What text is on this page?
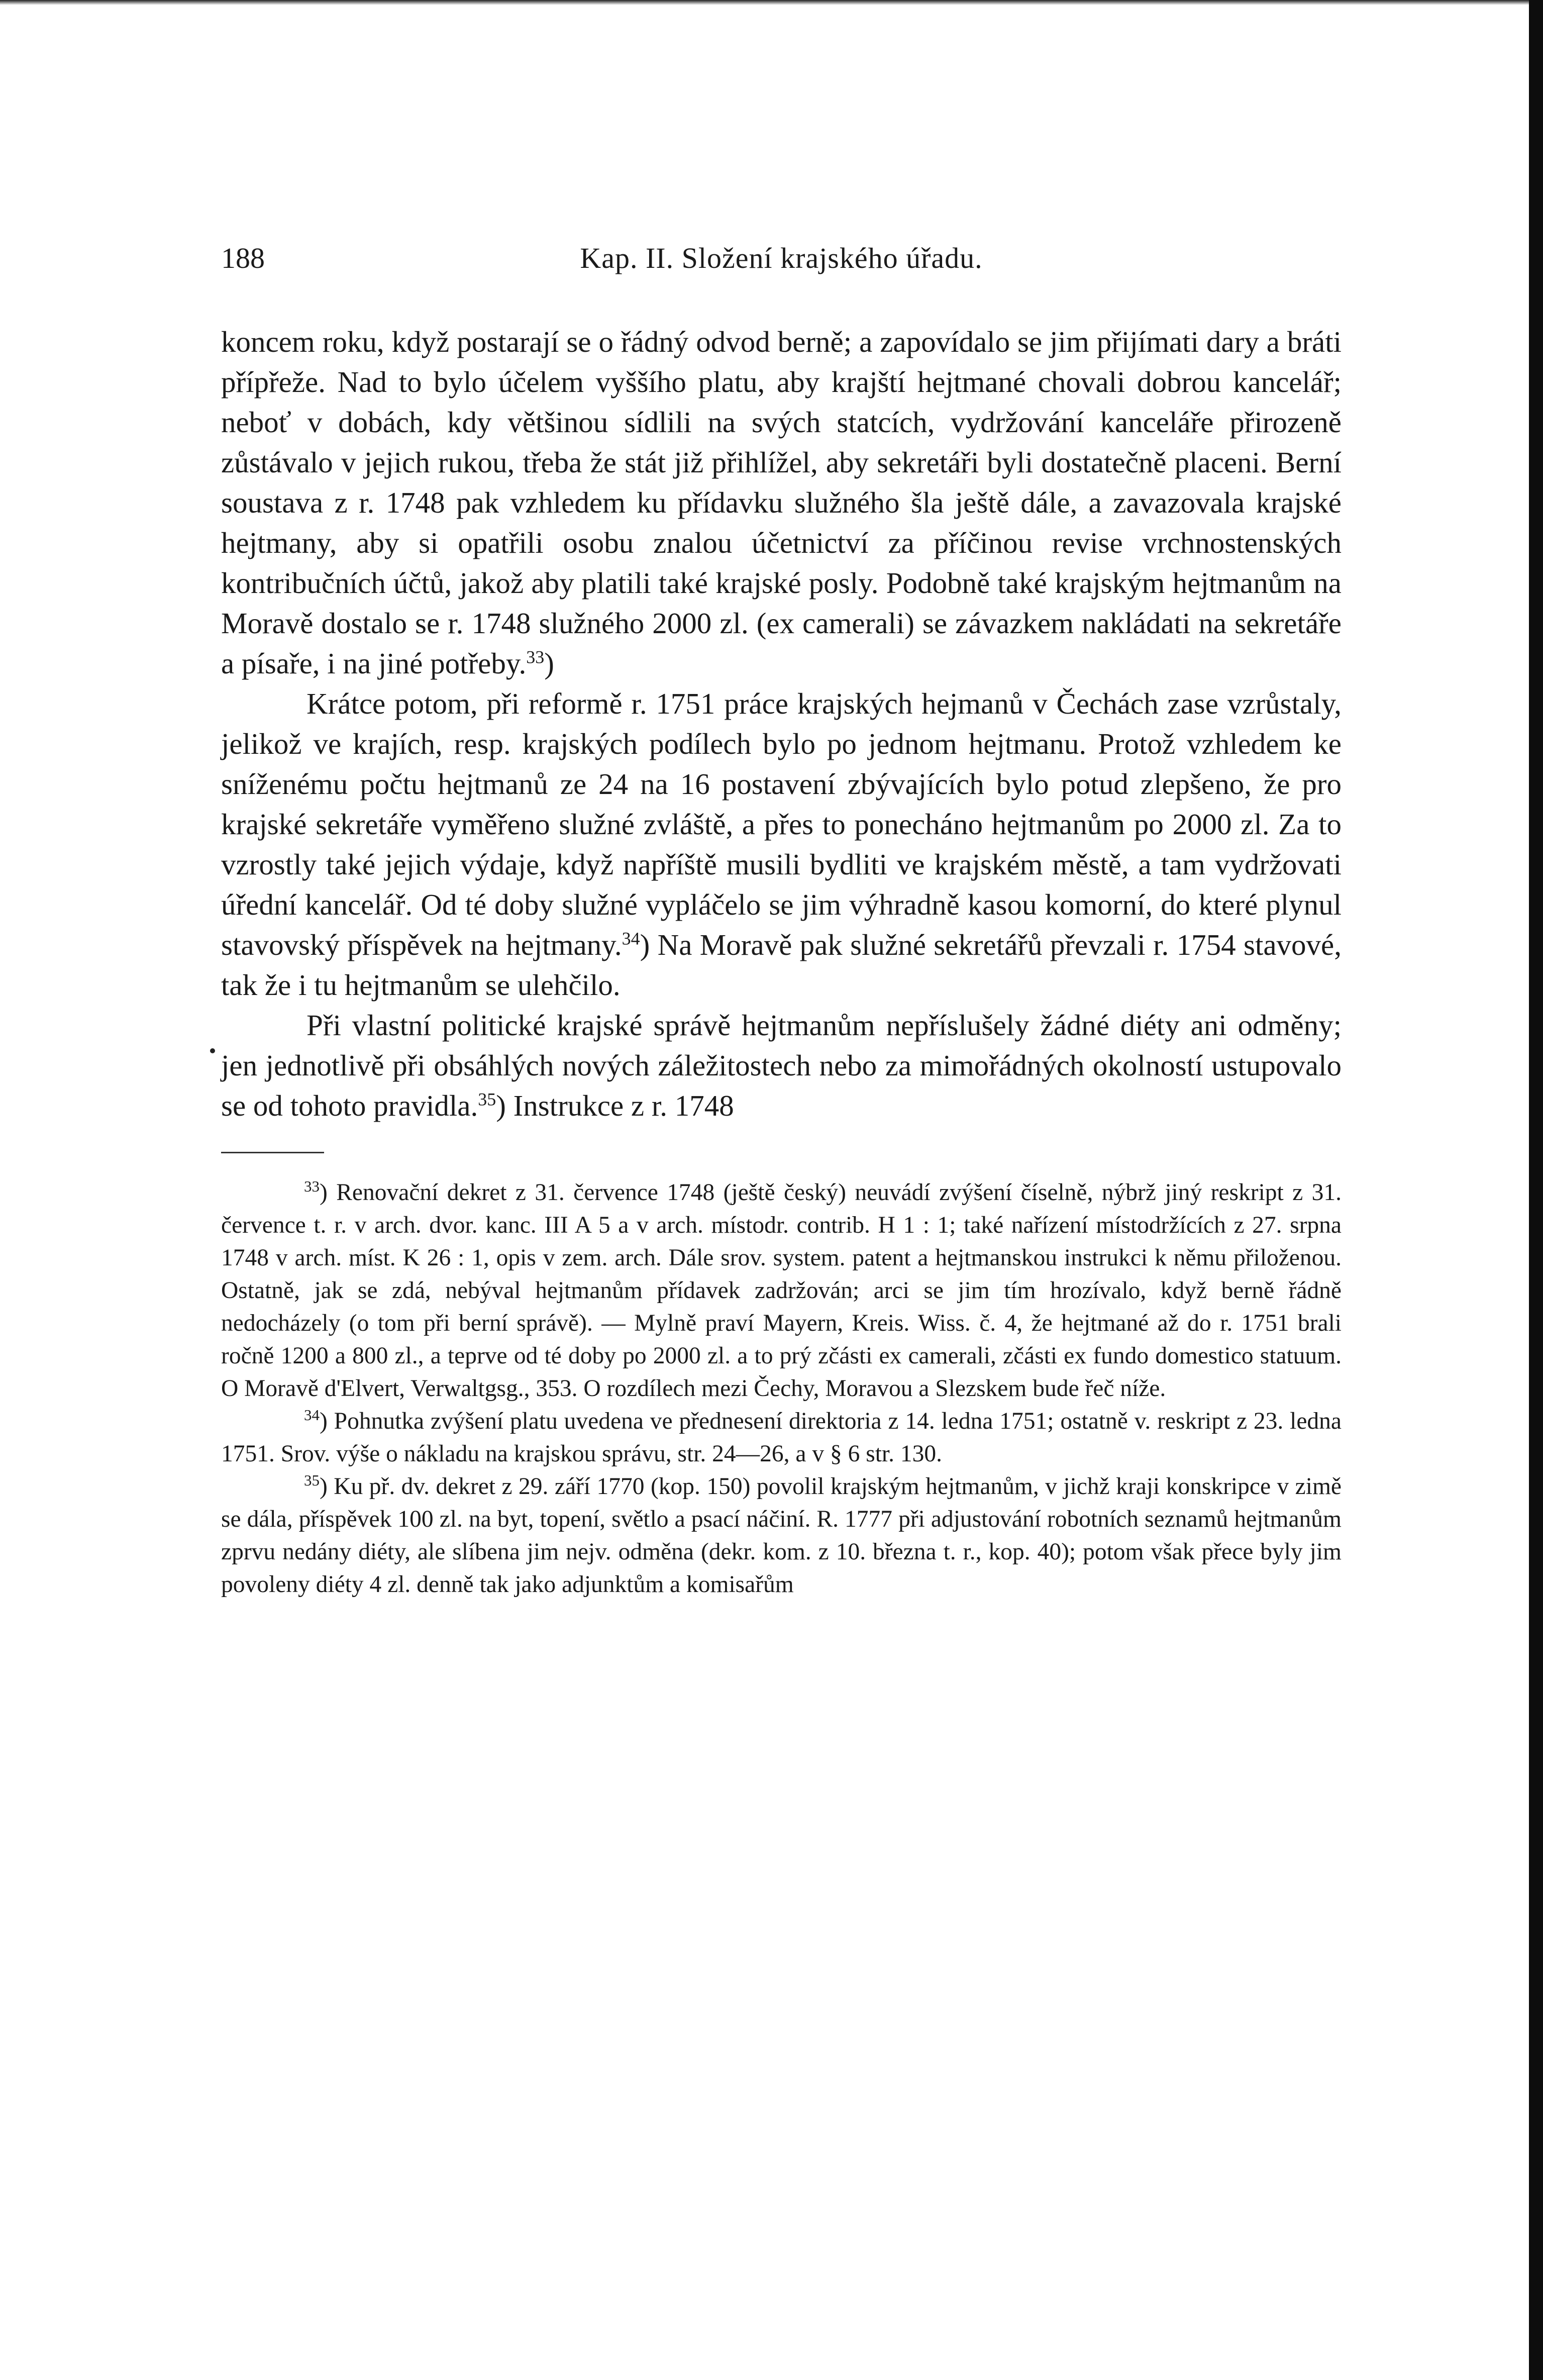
188	Kap. II. Složení krajského úřadu.

koncem roku, když postarají se o řádný odvod berně; a zapovídalo se jim přijímati dary a bráti přípřeže. Nad to bylo účelem vyššího platu, aby krajští hejtmané chovali dobrou kancelář; neboť v dobách, kdy většinou sídlili na svých statcích, vydržování kanceláře přirozeně zůstávalo v jejich rukou, třeba že stát již přihlížel, aby sekretáři byli dostatečně placeni. Berní soustava z r. 1748 pak vzhledem ku přídavku služného šla ještě dále, a zavazovala krajské hejtmany, aby si opatřili osobu znalou účetnictví za příčinou revise vrchnostenských kontribučních účtů, jakož aby platili také krajské posly. Podobně také krajským hejtmanům na Moravě dostalo se r. 1748 služného 2000 zl. (ex camerali) se závazkem nakládati na sekretáře a písaře, i na jiné potřeby.$^{33}$)

Krátce potom, při reformě r. 1751 práce krajských hejmanů v Čechách zase vzrůstaly, jelikož ve krajích, resp. krajských podílech bylo po jednom hejtmanu. Protož vzhledem ke sníženému počtu hejtmanů ze 24 na 16 postavení zbývajících bylo potud zlepšeno, že pro krajské sekretáře vyměřeno služné zvláště, a přes to ponecháno hejtmanům po 2000 zl. Za to vzrostly také jejich výdaje, když napříště musili bydliti ve krajském městě, a tam vydržovati úřední kancelář. Od té doby služné vypláčelo se jim výhradně kasou komorní, do které plynul stavovský příspěvek na hejtmany.$^{34}$) Na Moravě pak služné sekretářů převzali r. 1754 stavové, tak že i tu hejtmanům se ulehčilo.

Při vlastní politické krajské správě hejtmanům nepříslušely žádné diéty ani odměny; jen jednotlivě při obsáhlých nových záležitostech nebo za mimořádných okolností ustupovalo se od tohoto pravidla.$^{35}$) Instrukce z r. 1748

$^{33}$) Renovační dekret z 31. července 1748 (ještě český) neuvádí zvýšení číselně, nýbrž jiný reskript z 31. července t. r. v arch. dvor. kanc. III A 5 a v arch. místodr. contrib. H 1 : 1; také nařízení místodržících z 27. srpna 1748 v arch. míst. K 26 : 1, opis v zem. arch. Dále srov. system. patent a hejtmanskou instrukci k němu přiloženou. Ostatně, jak se zdá, nebýval hejtmanům přídavek zadržován; arci se jim tím hrozívalo, když berně řádně nedocházely (o tom při berní správě). — Mylně praví Mayern, Kreis. Wiss. č. 4, že hejtmané až do r. 1751 brali ročně 1200 a 800 zl., a teprve od té doby po 2000 zl. a to prý zčásti ex camerali, zčásti ex fundo domestico statuum. O Moravě d'Elvert, Verwaltgsg., 353. O rozdílech mezi Čechy, Moravou a Slezskem bude řeč níže.

$^{34}$) Pohnutka zvýšení platu uvedena ve přednesení direktoria z 14. ledna 1751; ostatně v. reskript z 23. ledna 1751. Srov. výše o nákladu na krajskou správu, str. 24—26, a v § 6 str. 130.

$^{35}$) Ku př. dv. dekret z 29. září 1770 (kop. 150) povolil krajským hejtmanům, v jichž kraji konskripce v zimě se dála, příspěvek 100 zl. na byt, topení, světlo a psací náčiní. R. 1777 při adjustování robotních seznamů hejtmanům zprvu nedány diéty, ale slíbena jim nejv. odměna (dekr. kom. z 10. března t. r., kop. 40); potom však přece byly jim povoleny diéty 4 zl. denně tak jako adjunktům a komisařům
